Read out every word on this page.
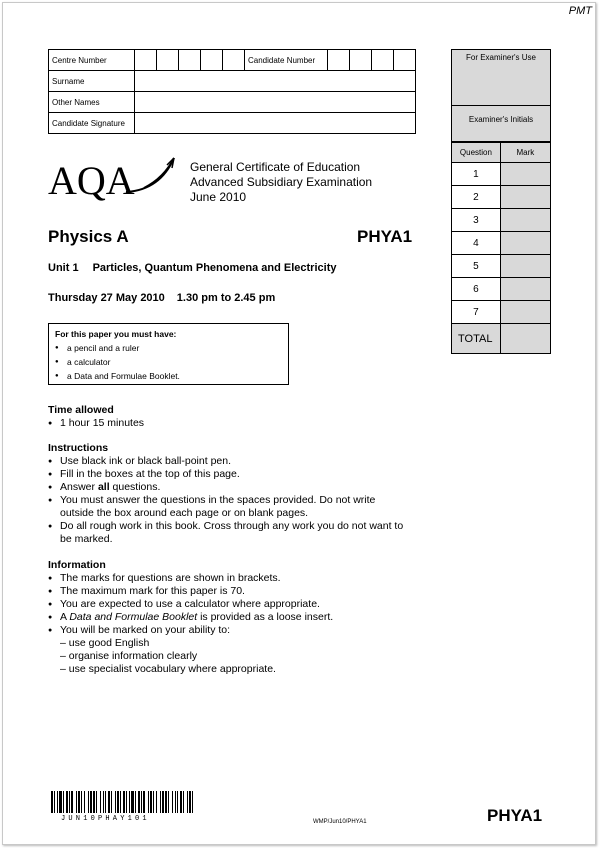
PMT
Centre Number						Candidate Number				
Surname										
Other Names										
Candidate Signature										
For Examiner's Use
Examiner's Initials
Question	Mark
1	
2	
3	
4	
5	
6	
7	
TOTAL	
AQA	General Certificate of Education
Advanced Subsidiary Examination
June 2010
Physics A	PHYA1
Unit 1 Particles, Quantum Phenomena and Electricity
Thursday 27 May 2010 1.30 pm to 2.45 pm
For this paper you must have:
● a pencil and a ruler
● a calculator
● a Data and Formulae Booklet.
Time allowed
● 1 hour 15 minutes
Instructions
● Use black ink or black ball-point pen.
● Fill in the boxes at the top of this page.
● Answer all questions.
● You must answer the questions in the spaces provided. Do not write outside the box around each page or on blank pages.
● Do all rough work in this book. Cross through any work you do not want to be marked.
Information
● The marks for questions are shown in brackets.
● The maximum mark for this paper is 70.
● You are expected to use a calculator where appropriate.
● A Data and Formulae Booklet is provided as a loose insert.
● You will be marked on your ability to:
– use good English
– organise information clearly
– use specialist vocabulary where appropriate.
JUN10PHAY101	WMP/Jun10/PHYA1	PHYA1
